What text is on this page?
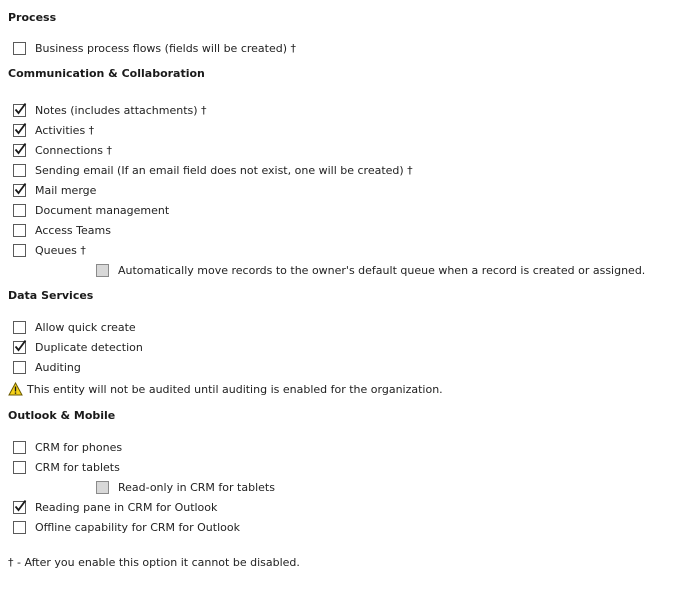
Process
Business process flows (fields will be created) †
Communication & Collaboration
Notes (includes attachments) †
Activities †
Connections †
Sending email (If an email field does not exist, one will be created) †
Mail merge
Document management
Access Teams
Queues †
Automatically move records to the owner's default queue when a record is created or assigned.
Data Services
Allow quick create
Duplicate detection
Auditing
This entity will not be audited until auditing is enabled for the organization.
Outlook & Mobile
CRM for phones
CRM for tablets
Read-only in CRM for tablets
Reading pane in CRM for Outlook
Offline capability for CRM for Outlook
† - After you enable this option it cannot be disabled.
